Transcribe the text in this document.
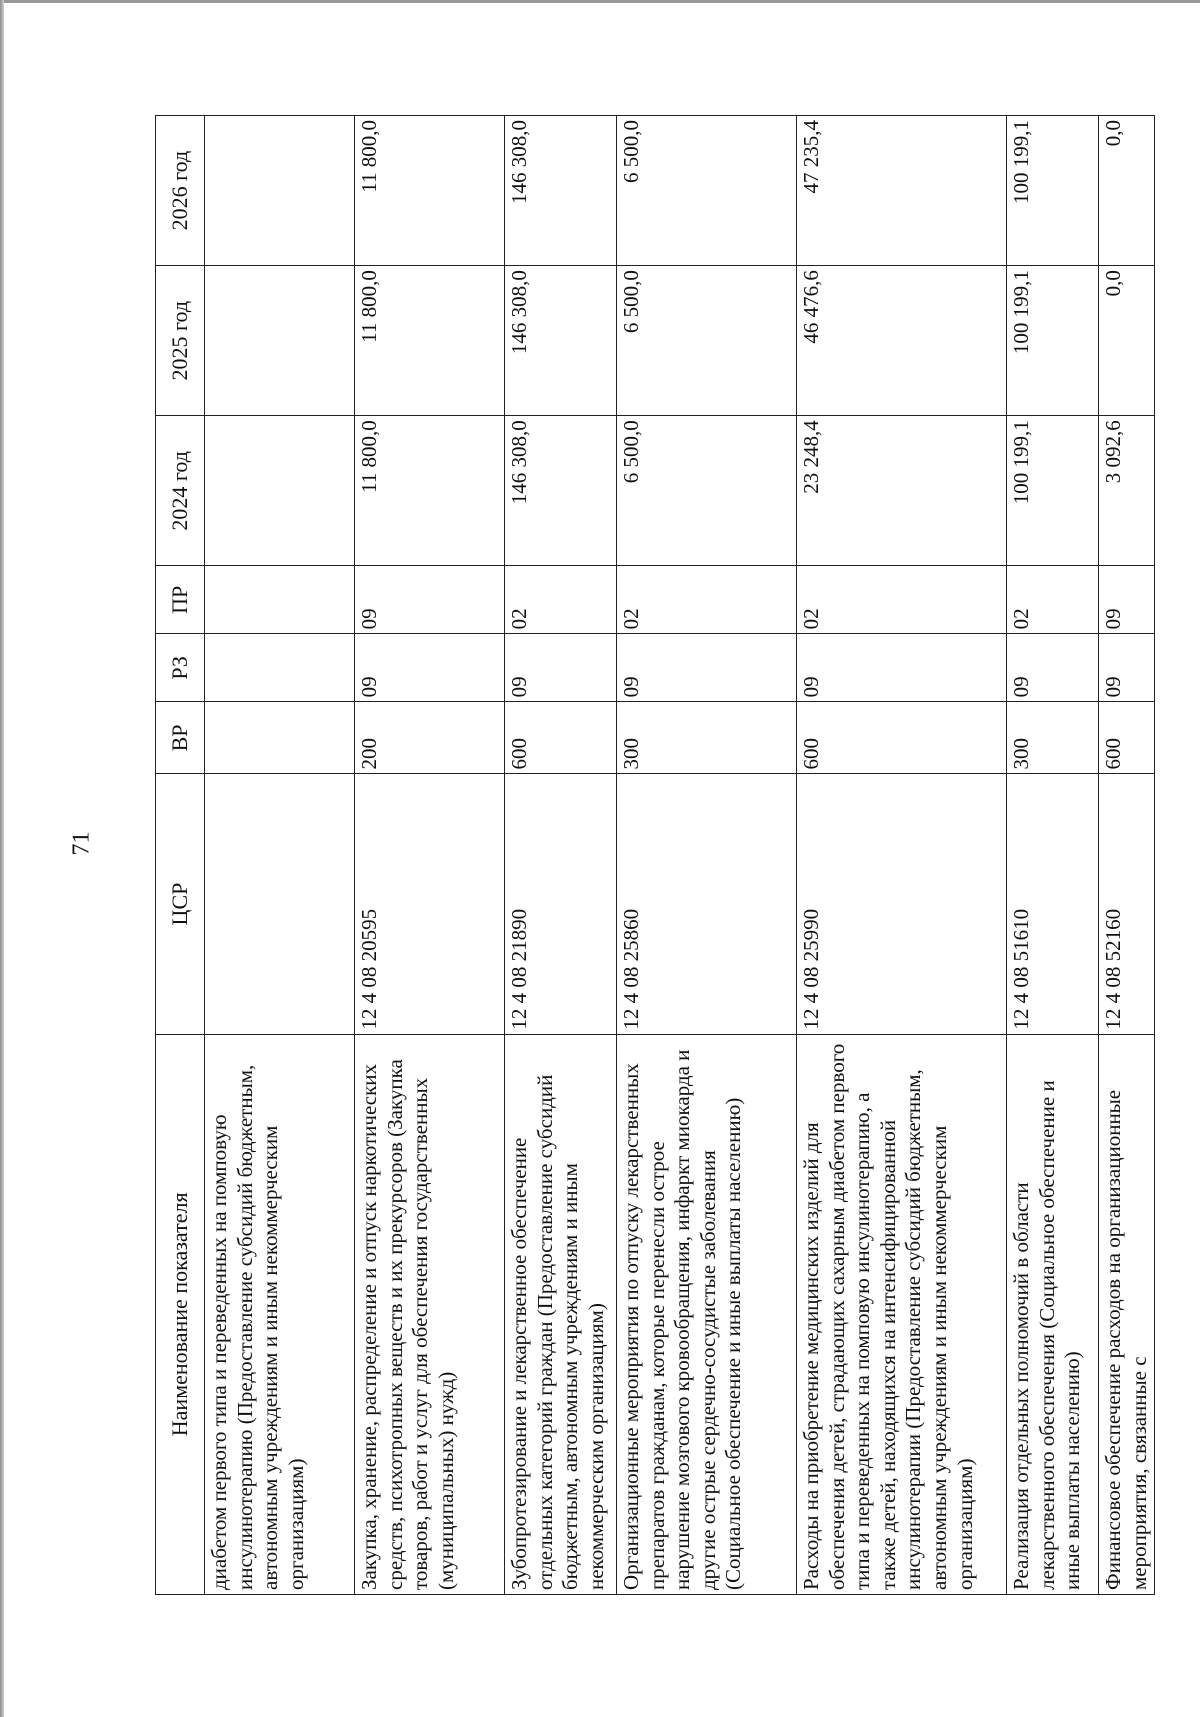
71
Наименование показателя	ЦСР	ВР	РЗ	ПР	2024 год	2025 год	2026 год
диабетом первого типа и переведенных на помповую инсулинотерапию (Предоставление субсидий бюджетным, автономным учреждениям и иным некоммерческим организациям)							
Закупка, хранение, распределение и отпуск наркотических средств, психотропных веществ и их прекурсоров (Закупка товаров, работ и услуг для обеспечения государственных (муниципальных) нужд)	12 4 08 20595	200	09	09	11 800,0	11 800,0	11 800,0
Зубопротезирование и лекарственное обеспечение отдельных категорий граждан (Предоставление субсидий бюджетным, автономным учреждениям и иным некоммерческим организациям)	12 4 08 21890	600	09	02	146 308,0	146 308,0	146 308,0
Организационные мероприятия по отпуску лекарственных препаратов гражданам, которые перенесли острое нарушение мозгового кровообращения, инфаркт миокарда и другие острые сердечно-сосудистые заболевания (Социальное обеспечение и иные выплаты населению)	12 4 08 25860	300	09	02	6 500,0	6 500,0	6 500,0
Расходы на приобретение медицинских изделий для обеспечения детей, страдающих сахарным диабетом первого типа и переведенных на помповую инсулинотерапию, а также детей, находящихся на интенсифицированной инсулинотерапии (Предоставление субсидий бюджетным, автономным учреждениям и иным некоммерческим организациям)	12 4 08 25990	600	09	02	23 248,4	46 476,6	47 235,4
Реализация отдельных полномочий в области лекарственного обеспечения (Социальное обеспечение и иные выплаты населению)	12 4 08 51610	300	09	02	100 199,1	100 199,1	100 199,1
Финансовое обеспечение расходов на организационные мероприятия, связанные с	12 4 08 52160	600	09	09	3 092,6	0,0	0,0
